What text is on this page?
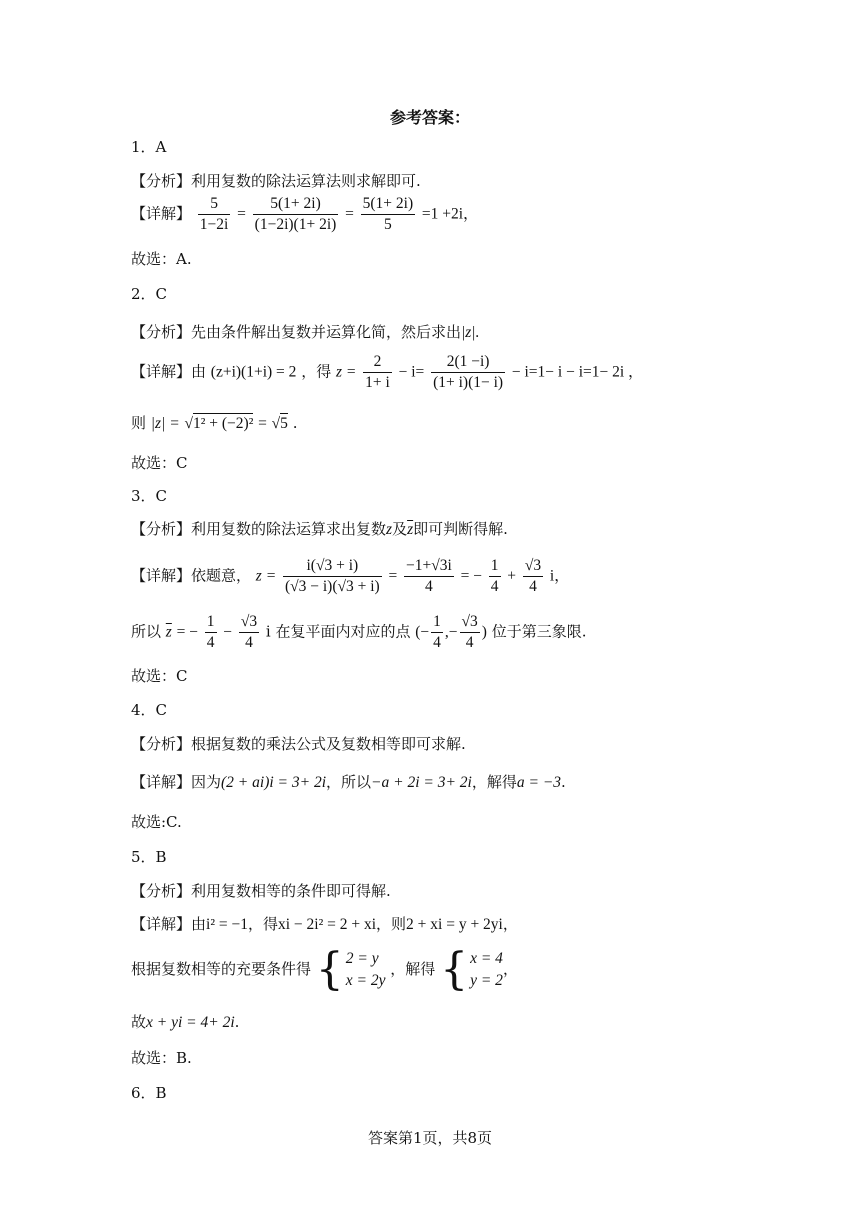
参考答案：
1．A
【分析】利用复数的除法运算法则求解即可.
【详解】 $\frac{5}{1-2i} = \frac{5(1+ 2i)}{(1-2i)(1+ 2i)} = \frac{5(1+ 2i)}{5} =1 +2i$，
故选：A.
2．C
【分析】先由条件解出复数并运算化简，然后求出|z|.
【详解】由 (z+i)(1+i) = 2 ，得 $z = \frac{2}{1+ i} - i= \frac{2(1 -i)}{(1+ i)(1- i)} - i=1- i - i=1- 2i$ ，
则 |z| = √1² + (−2)² = √5 .
故选：C
3．C
【分析】利用复数的除法运算求出复数z及$\overline{z}$即可判断得解.
【详解】依题意， $z = \frac{i(√3 + i)}{(√3 - i)(√3 + i)} = \frac{-1+√3i}{4}$ = − $\frac{1}{4} + \frac{√3}{4}$ i，
所以 $\overline{z}$ = − $\frac{1}{4} - \frac{√3}{4}$ i 在复平面内对应的点 (− $\frac{1}{4}$ ,− $\frac{√3}{4}$ ) 位于第三象限.
故选：C
4．C
【分析】根据复数的乘法公式及复数相等即可求解.
【详解】因为(2 + ai)i = 3+ 2i，所以−a + 2i = 3+ 2i，解得a = −3.
故选:C.
5．B
【分析】利用复数相等的条件即可得解.
【详解】由i² = −1，得xi − 2i² = 2 + xi，则2 + xi = y + 2yi，
根据复数相等的充要条件得 { 2 = y
x = 2y
，解得 { x = 4
y = 2
，
故x + yi = 4+ 2i.
故选：B.
6．B
答案第1页，共8页
